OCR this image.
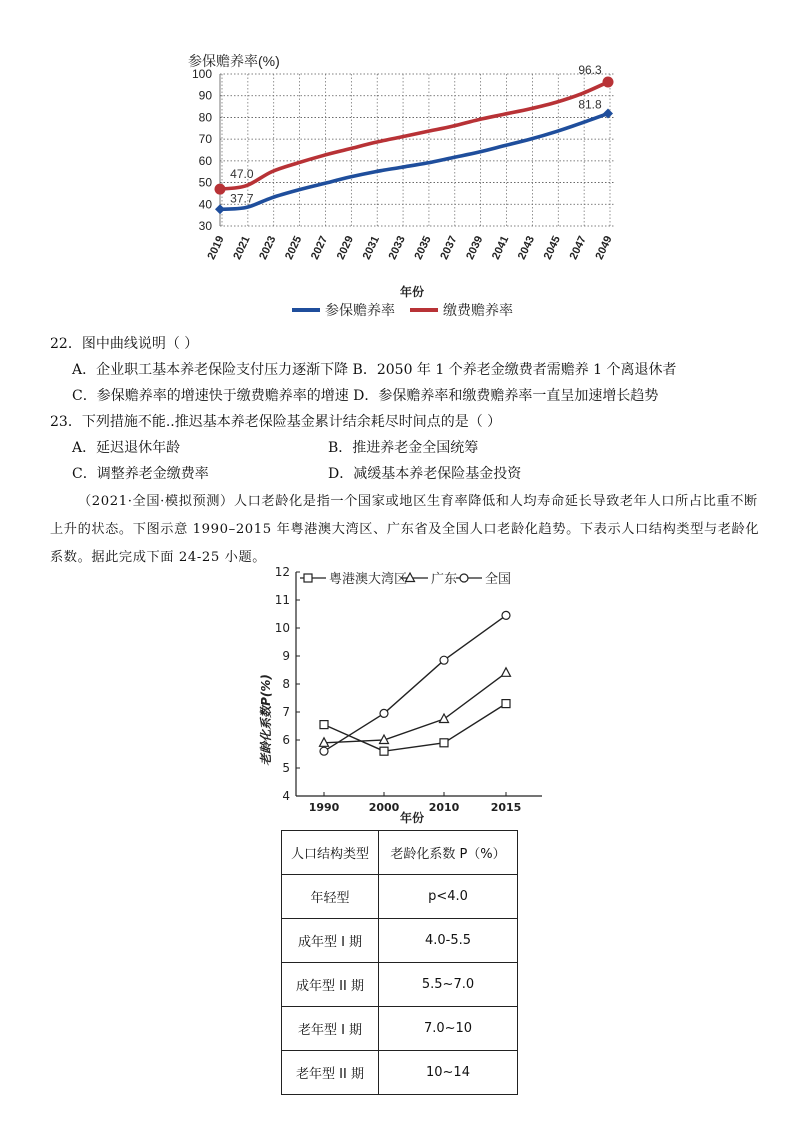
参保赡养率(%)
30
40
50
60
70
80
90
100
2019 2021 2023 2025 2027 2029 2031 2033 2035 2037 2039 2041 2043 2045 2047 2049
37.7
81.8
47.0
96.3
年份
参保赡养率	缴费赡养率
22．图中曲线说明（ ）
A．企业职工基本养老保险支付压力逐渐下降 B．2050 年 1 个养老金缴费者需赡养 1 个离退休者
C．参保赡养率的增速快于缴费赡养率的增速 D．参保赡养率和缴费赡养率一直呈加速增长趋势
23．下列措施不能..推迟基本养老保险基金累计结余耗尽时间点的是（ ）
A．延迟退休年龄	B．推进养老金全国统筹
C．调整养老金缴费率	D．减缓基本养老保险基金投资
（2021·全国·模拟预测）人口老龄化是指一个国家或地区生育率降低和人均寿命延长导致老年人口所占比重不断上升的状态。下图示意 1990–2015 年粤港澳大湾区、广东省及全国人口老龄化趋势。下表示人口结构类型与老龄化系数。据此完成下面 24-25 小题。
4
5
6
7
8
9
10
11
12
1990	2000	2010	2015
老龄化系数P(%)
年份
粤港澳大湾区 广东 全国
人口结构类型	老龄化系数 P（%）
年轻型	p<4.0
成年型 I 期	4.0-5.5
成年型 II 期	5.5~7.0
老年型 I 期	7.0~10
老年型 II 期	10~14
